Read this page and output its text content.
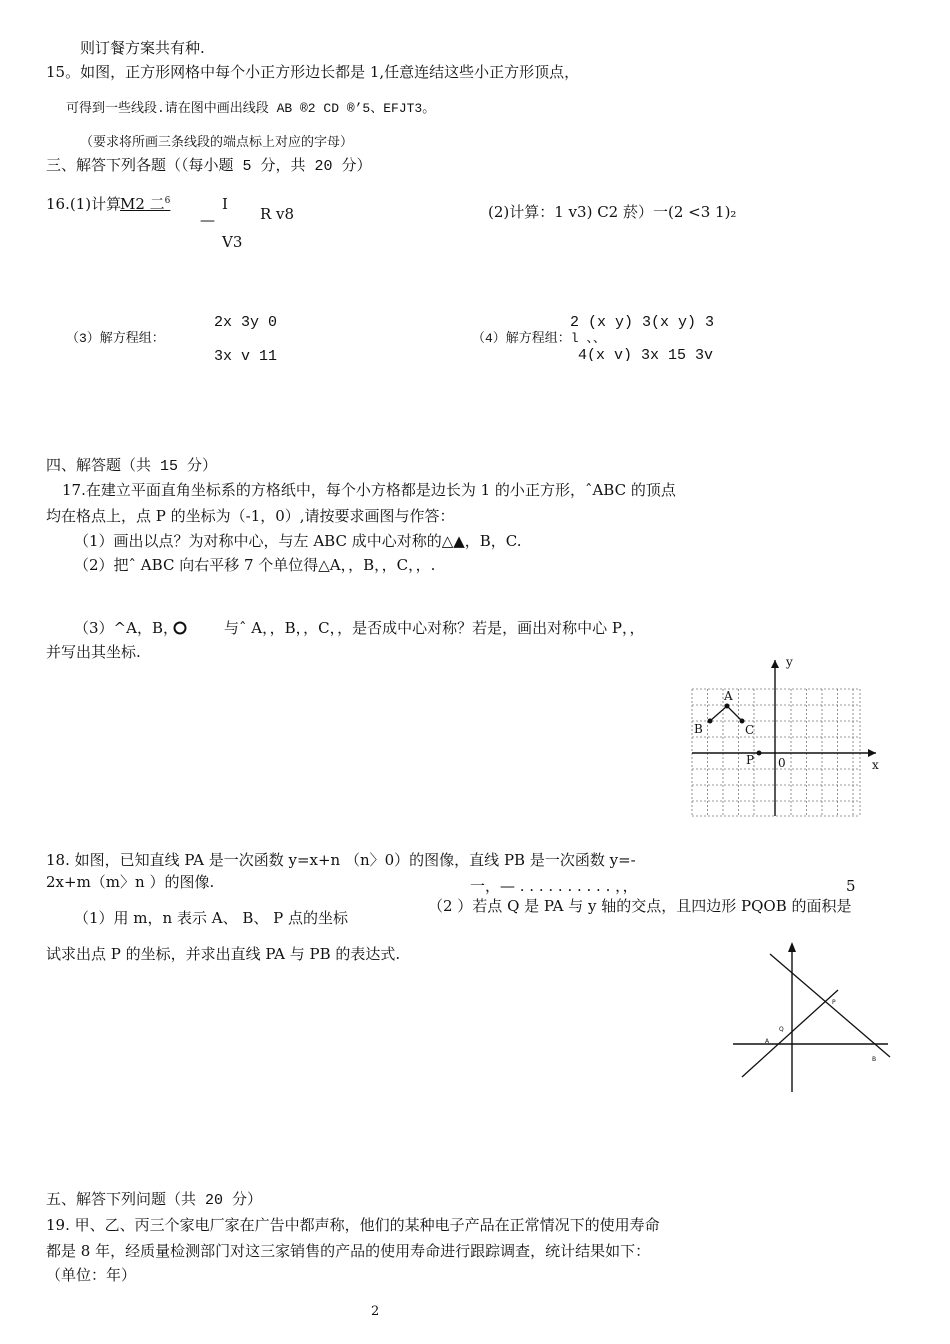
则订餐方案共有种.
15。如图，正方形网格中每个小正方形边长都是 1,任意连结这些小正方形顶点，
可得到一些线段.请在图中画出线段 AB ®2 CD ®’5、EFJT3。
（要求将所画三条线段的端点标上对应的字母）
三、解答下列各题（（每小题 5 分，共 20 分）
16.(1)计算
M2 二$^6$	I
—	R v8
V3
(2)计算：1 v3) C2 菸）一(2 <3 1)₂
2x 3y 0
（3）解方程组：
3x v 11
2 (x y) 3(x y) 3
（4）解方程组：l 、、
4(x v) 3x 15 3v
四、解答题（共 15 分）
17.在建立平面直角坐标系的方格纸中，每个小方格都是边长为 1 的小正方形，ˆABC 的顶点
均在格点上，点 P 的坐标为（-1，0）,请按要求画图与作答：
（1）画出以点？为对称中心，与左 ABC 成中心对称的△▲，B，C.
（2）把ˆ ABC 向右平移 7 个单位得△A，，B，，C，，.
（3）^A，B，	与ˆ A，，B，，C，，是否成中心对称？若是，画出对称中心 P，，
并写出其坐标.
y
x
A
B	C
P 0
18. 如图，已知直线 PA 是一次函数 y=x+n （n〉0）的图像，直线 PB 是一次函数 y=-
2x+m（m〉n ）的图像.	一，— . . . . . . . . . . ，，	5
（2 ）若点 Q 是 PA 与 y 轴的交点，且四边形 PQOB 的面积是
（1）用 m，n 表示 A、 B、 P 点的坐标
试求出点 P 的坐标，并求出直线 PA 与 PB 的表达式.
P
Q
A
B
五、解答下列问题（共 20 分）
19. 甲、乙、丙三个家电厂家在广告中都声称，他们的某种电子产品在正常情况下的使用寿命
都是 8 年，经质量检测部门对这三家销售的产品的使用寿命进行跟踪调查，统计结果如下：
（单位：年）
2
